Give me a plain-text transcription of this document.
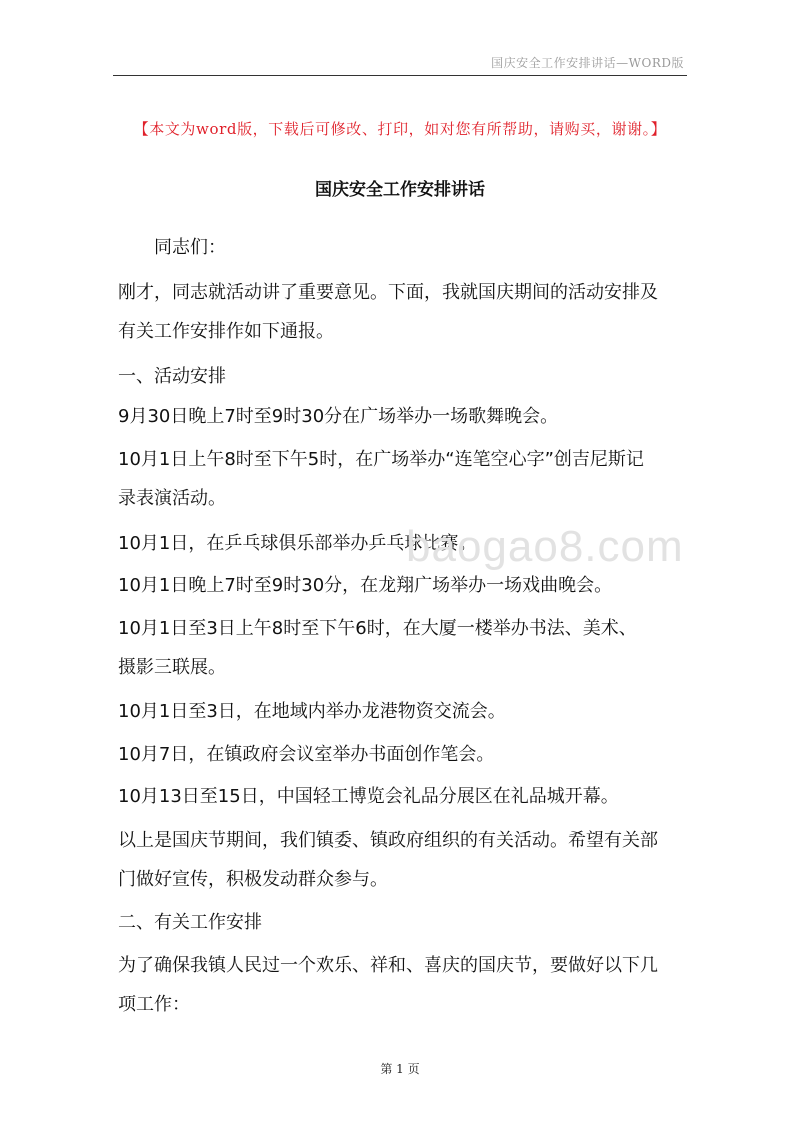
国庆安全工作安排讲话—WORD版
【本文为word版，下载后可修改、打印，如对您有所帮助，请购买，谢谢。】
国庆安全工作安排讲话
同志们：
刚才，同志就活动讲了重要意见。下面，我就国庆期间的活动安排及
有关工作安排作如下通报。
一、活动安排
9月30日晚上7时至9时30分在广场举办一场歌舞晚会。
10月1日上午8时至下午5时，在广场举办“连笔空心字”创吉尼斯记
录表演活动。
10月1日，在乒乓球俱乐部举办乒乓球比赛。
10月1日晚上7时至9时30分，在龙翔广场举办一场戏曲晚会。
10月1日至3日上午8时至下午6时，在大厦一楼举办书法、美术、
摄影三联展。
10月1日至3日，在地域内举办龙港物资交流会。
10月7日，在镇政府会议室举办书面创作笔会。
10月13日至15日，中国轻工博览会礼品分展区在礼品城开幕。
以上是国庆节期间，我们镇委、镇政府组织的有关活动。希望有关部
门做好宣传，积极发动群众参与。
二、有关工作安排
为了确保我镇人民过一个欢乐、祥和、喜庆的国庆节，要做好以下几
项工作：
baogao8.com
第 1 页
